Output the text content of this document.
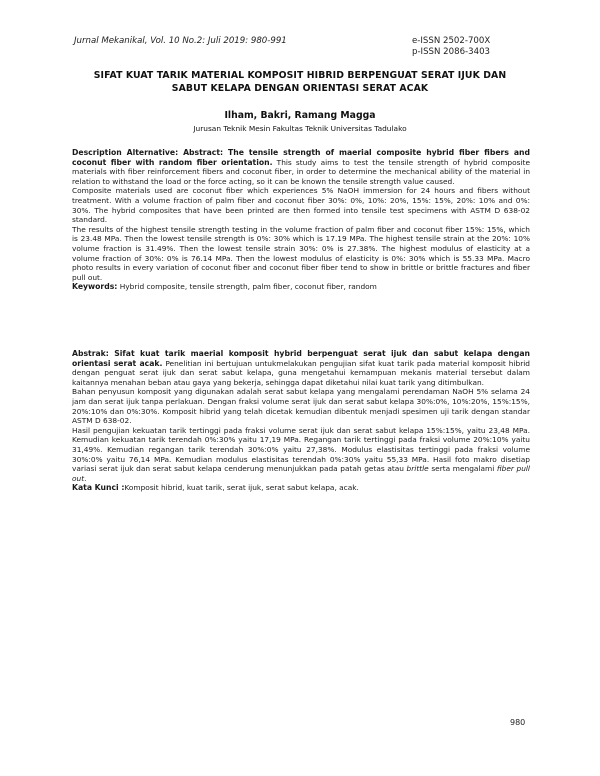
Jurnal Mekanikal, Vol. 10 No.2: Juli 2019: 980-991	e-ISSN 2502-700X
p-ISSN 2086-3403
SIFAT KUAT TARIK MATERIAL KOMPOSIT HIBRID BERPENGUAT SERAT IJUK DAN
SABUT KELAPA DENGAN ORIENTASI SERAT ACAK
Ilham, Bakri, Ramang Magga
Jurusan Teknik Mesin Fakultas Teknik Universitas Tadulako

Description Alternative: Abstract: The tensile strength of maerial composite hybrid fiber fibers and coconut fiber with random fiber orientation. This study aims to test the tensile strength of hybrid composite materials with fiber reinforcement fibers and coconut fiber, in order to determine the mechanical ability of the material in relation to withstand the load or the force acting, so it can be known the tensile strength value caused.

Composite materials used are coconut fiber which experiences 5% NaOH immersion for 24 hours and fibers without treatment. With a volume fraction of palm fiber and coconut fiber 30%: 0%, 10%: 20%, 15%: 15%, 20%: 10% and 0%: 30%. The hybrid composites that have been printed are then formed into tensile test specimens with ASTM D 638-02 standard.

The results of the highest tensile strength testing in the volume fraction of palm fiber and coconut fiber 15%: 15%, which is 23.48 MPa. Then the lowest tensile strength is 0%: 30% which is 17.19 MPa. The highest tensile strain at the 20%: 10% volume fraction is 31.49%. Then the lowest tensile strain 30%: 0% is 27.38%. The highest modulus of elasticity at a volume fraction of 30%: 0% is 76.14 MPa. Then the lowest modulus of elasticity is 0%: 30% which is 55.33 MPa. Macro photo results in every variation of coconut fiber and coconut fiber fiber tend to show in brittle or brittle fractures and fiber pull out.

Keywords: Hybrid composite, tensile strength, palm fiber, coconut fiber, random

Abstrak: Sifat kuat tarik maerial komposit hybrid berpenguat serat ijuk dan sabut kelapa dengan orientasi serat acak. Penelitian ini bertujuan untukmelakukan pengujian sifat kuat tarik pada material komposit hibrid dengan penguat serat ijuk dan serat sabut kelapa, guna mengetahui kemampuan mekanis material tersebut dalam kaitannya menahan beban atau gaya yang bekerja, sehingga dapat diketahui nilai kuat tarik yang ditimbulkan.

Bahan penyusun komposit yang digunakan adalah serat sabut kelapa yang mengalami perendaman NaOH 5% selama 24 jam dan serat ijuk tanpa perlakuan. Dengan fraksi volume serat ijuk dan serat sabut kelapa 30%:0%, 10%:20%, 15%:15%, 20%:10% dan 0%:30%. Komposit hibrid yang telah dicetak kemudian dibentuk menjadi spesimen uji tarik dengan standar ASTM D 638-02.

Hasil pengujian kekuatan tarik tertinggi pada fraksi volume serat ijuk dan serat sabut kelapa 15%:15%, yaitu 23,48 MPa. Kemudian kekuatan tarik terendah 0%:30% yaitu 17,19 MPa. Regangan tarik tertinggi pada fraksi volume 20%:10% yaitu 31,49%. Kemudian regangan tarik terendah 30%:0% yaitu 27,38%. Modulus elastisitas tertinggi pada fraksi volume 30%:0% yaitu 76,14 MPa. Kemudian modulus elastisitas terendah 0%:30% yaitu 55,33 MPa. Hasil foto makro disetiap variasi serat ijuk dan serat sabut kelapa cenderung menunjukkan pada patah getas atau brittle serta mengalami fiber pull out.

Kata Kunci :Komposit hibrid, kuat tarik, serat ijuk, serat sabut kelapa, acak.

980
